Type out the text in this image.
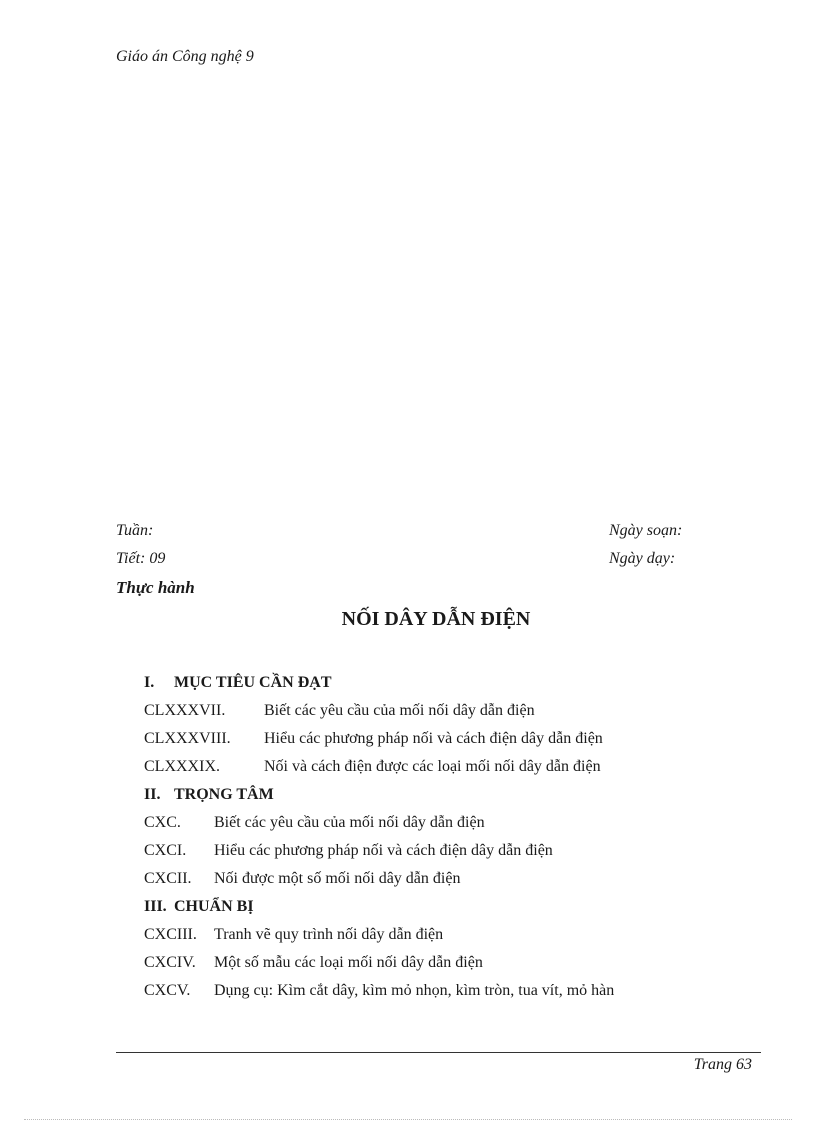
Giáo án Công nghệ 9
Tuần:	Ngày soạn:
Tiết: 09	Ngày dạy:
Thực hành
NỐI DÂY DẪN ĐIỆN
I. MỤC TIÊU CẦN ĐẠT
CLXXXVII. Biết các yêu cầu của mối nối dây dẫn điện
CLXXXVIII. Hiểu các phương pháp nối và cách điện dây dẫn điện
CLXXXIX.	Nối và cách điện được các loại mối nối dây dẫn điện
II. TRỌNG TÂM
CXC. Biết các yêu cầu của mối nối dây dẫn điện
CXCI. Hiểu các phương pháp nối và cách điện dây dẫn điện
CXCII. Nối được một số mối nối dây dẫn điện
III. CHUẨN BỊ
CXCIII. Tranh vẽ quy trình nối dây dẫn điện
CXCIV. Một số mẫu các loại mối nối dây dẫn điện
CXCV. Dụng cụ: Kìm cắt dây, kìm mỏ nhọn, kìm tròn, tua vít, mỏ hàn
Trang 63
